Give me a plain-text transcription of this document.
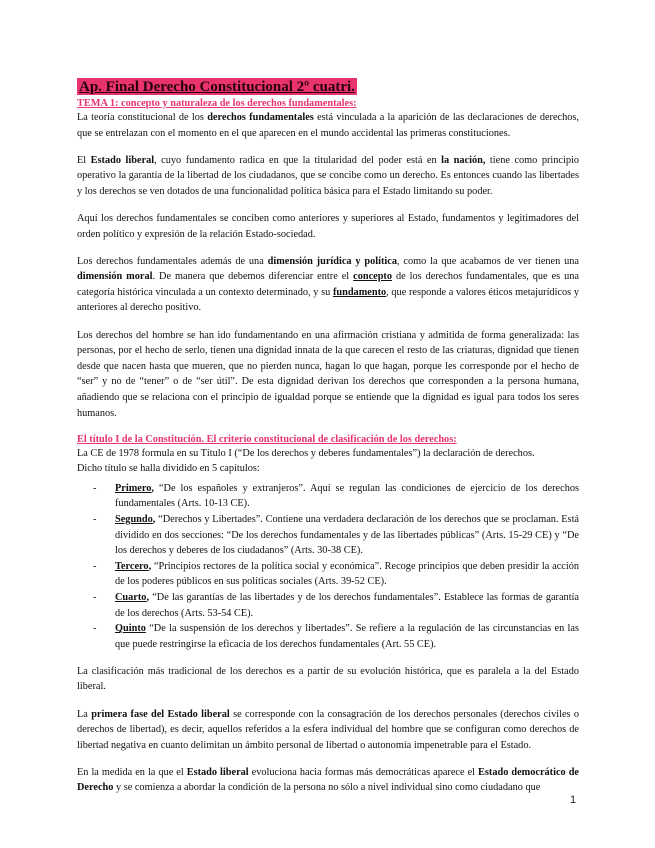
Ap. Final Derecho Constitucional 2º cuatri.
TEMA 1: concepto y naturaleza de los derechos fundamentales:

La teoría constitucional de los derechos fundamentales está vinculada a la aparición de las declaraciones de derechos, que se entrelazan con el momento en el que aparecen en el mundo accidental las primeras constituciones.

El Estado liberal, cuyo fundamento radica en que la titularidad del poder está en la nación, tiene como principio operativo la garantía de la libertad de los ciudadanos, que se concibe como un derecho. Es entonces cuando las libertades y los derechos se ven dotados de una funcionalidad política básica para el Estado limitando su poder.

Aquí los derechos fundamentales se conciben como anteriores y superiores al Estado, fundamentos y legitimadores del orden político y expresión de la relación Estado-sociedad.

Los derechos fundamentales además de una dimensión jurídica y política, como la que acabamos de ver tienen una dimensión moral. De manera que debemos diferenciar entre el concepto de los derechos fundamentales, que es una categoría histórica vinculada a un contexto determinado, y su fundamento, que responde a valores éticos metajurídicos y anteriores al derecho positivo.

Los derechos del hombre se han ido fundamentando en una afirmación cristiana y admitida de forma generalizada: las personas, por el hecho de serlo, tienen una dignidad innata de la que carecen el resto de las criaturas, dignidad que tienen desde que nacen hasta que mueren, que no pierden nunca, hagan lo que hagan, porque les corresponde por el hecho de “ser” y no de “tener” o de “ser útil”. De esta dignidad derivan los derechos que corresponden a la persona humana, añadiendo que se relaciona con el principio de igualdad porque se entiende que la dignidad es igual para todos los seres humanos.

El título I de la Constitución. El criterio constitucional de clasificación de los derechos:

La CE de 1978 formula en su Título I (“De los derechos y deberes fundamentales”) la declaración de derechos.

Dicho título se halla dividido en 5 capítulos:

- Primero, “De los españoles y extranjeros”. Aquí se regulan las condiciones de ejercicio de los derechos fundamentales (Arts. 10-13 CE).
- Segundo, “Derechos y Libertades”. Contiene una verdadera declaración de los derechos que se proclaman. Está dividido en dos secciones: “De los derechos fundamentales y de las libertades públicas” (Arts. 15-29 CE) y “De los derechos y deberes de los ciudadanos” (Arts. 30-38 CE).
- Tercero, “Principios rectores de la política social y económica”. Recoge principios que deben presidir la acción de los poderes públicos en sus políticas sociales (Arts. 39-52 CE).
- Cuarto, “De las garantías de las libertades y de los derechos fundamentales”. Establece las formas de garantía de los derechos (Arts. 53-54 CE).
- Quinto “De la suspensión de los derechos y libertades”. Se refiere a la regulación de las circunstancias en las que puede restringirse la eficacia de los derechos fundamentales (Art. 55 CE).

La clasificación más tradicional de los derechos es a partir de su evolución histórica, que es paralela a la del Estado liberal.

La primera fase del Estado liberal se corresponde con la consagración de los derechos personales (derechos civiles o derechos de libertad), es decir, aquellos referidos a la esfera individual del hombre que se configuran como derechos de libertad negativa en cuanto delimitan un ámbito personal de libertad o autonomía impenetrable para el Estado.

En la medida en la que el Estado liberal evoluciona hacia formas más democráticas aparece el Estado democrático de Derecho y se comienza a abordar la condición de la persona no sólo a nivel individual sino como ciudadano que

1
